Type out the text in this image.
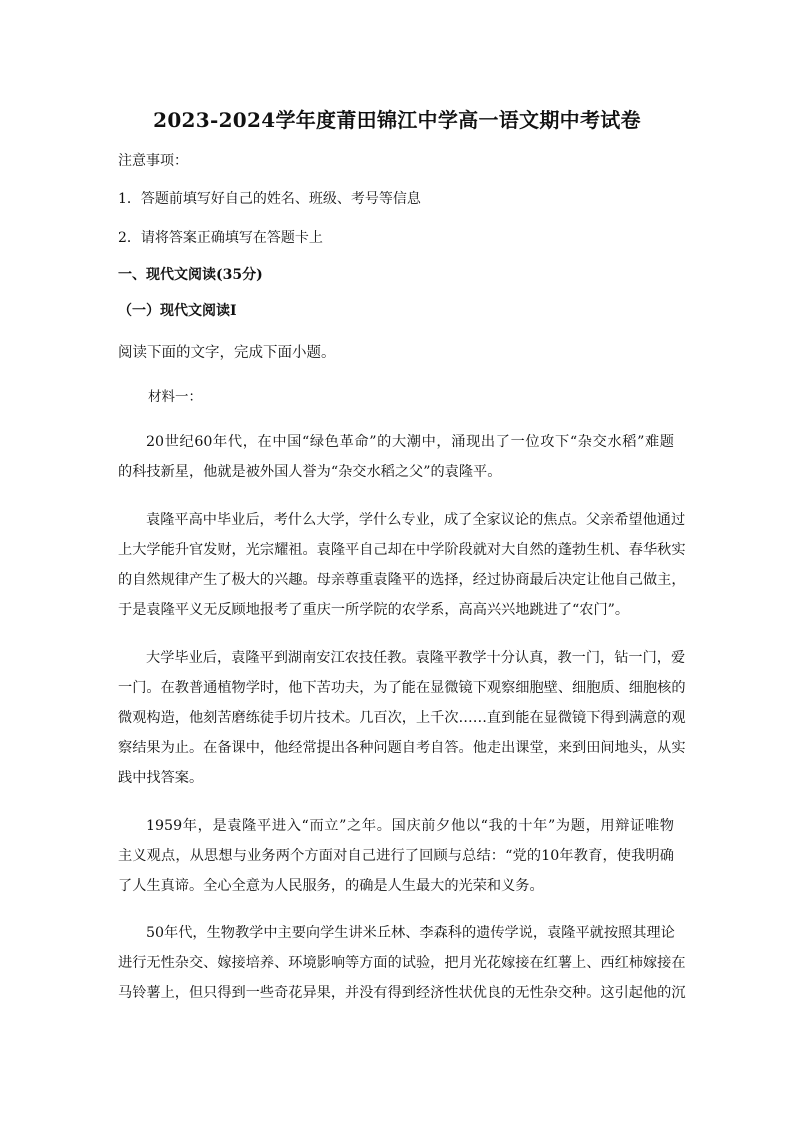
2023-2024学年度莆田锦江中学高一语文期中考试卷
注意事项：
1．答题前填写好自己的姓名、班级、考号等信息
2．请将答案正确填写在答题卡上
一、现代文阅读(35分)
（一）现代文阅读Ⅰ
阅读下面的文字，完成下面小题。
材料一：
20世纪60年代，在中国“绿色革命”的大潮中，涌现出了一位攻下“杂交水稻”难题
的科技新星，他就是被外国人誉为“杂交水稻之父”的袁隆平。
袁隆平高中毕业后，考什么大学，学什么专业，成了全家议论的焦点。父亲希望他通过
上大学能升官发财，光宗耀祖。袁隆平自己却在中学阶段就对大自然的蓬勃生机、春华秋实
的自然规律产生了极大的兴趣。母亲尊重袁隆平的选择，经过协商最后决定让他自己做主，
于是袁隆平义无反顾地报考了重庆一所学院的农学系，高高兴兴地跳进了“农门”。
大学毕业后，袁隆平到湖南安江农技任教。袁隆平教学十分认真，教一门，钻一门，爱
一门。在教普通植物学时，他下苦功夫，为了能在显微镜下观察细胞壁、细胞质、细胞核的
微观构造，他刻苦磨练徒手切片技术。几百次，上千次……直到能在显微镜下得到满意的观
察结果为止。在备课中，他经常提出各种问题自考自答。他走出课堂，来到田间地头，从实
践中找答案。
1959年，是袁隆平进入“而立”之年。国庆前夕他以“我的十年”为题，用辩证唯物
主义观点，从思想与业务两个方面对自己进行了回顾与总结：“党的10年教育，使我明确
了人生真谛。全心全意为人民服务，的确是人生最大的光荣和义务。
50年代，生物教学中主要向学生讲米丘林、李森科的遗传学说，袁隆平就按照其理论
进行无性杂交、嫁接培养、环境影响等方面的试验，把月光花嫁接在红薯上、西红柿嫁接在
马铃薯上，但只得到一些奇花异果，并没有得到经济性状优良的无性杂交种。这引起他的沉
